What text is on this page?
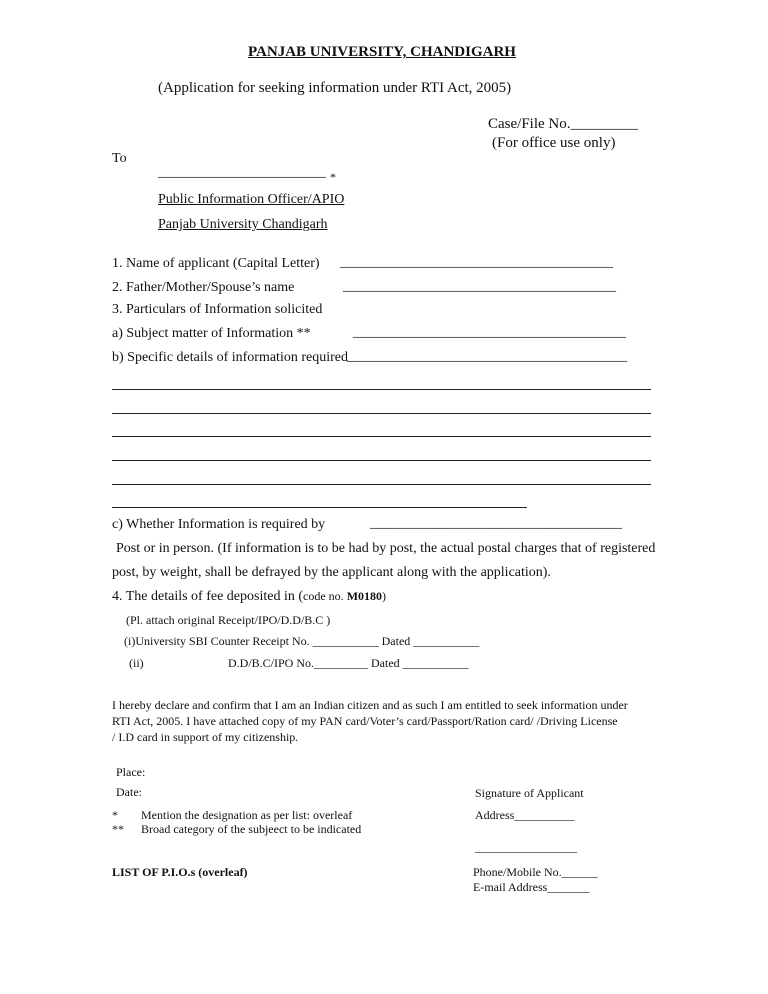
PANJAB UNIVERSITY, CHANDIGARH
(Application for seeking information under RTI Act, 2005)
Case/File No._________
(For office use only)
To
________________________ *
Public Information Officer/APIO
Panjab University Chandigarh
1. Name of applicant (Capital Letter) _______________________________________
2. Father/Mother/Spouse’s name	_______________________________________
3. Particulars of Information solicited
a) Subject matter of Information **	_______________________________________
b) Specific details of information required ________________________________________
c) Whether Information is required by	____________________________________
Post or in person. (If information is to be had by post, the actual postal charges that of registered
post, by weight, shall be defrayed by the applicant along with the application).
4. The details of fee deposited in (code no. M0180)
(Pl. attach original Receipt/IPO/D.D/B.C )
(i)University SBI Counter Receipt No. ___________ Dated ___________
(ii)	D.D/B.C/IPO No._________ Dated ___________
I hereby declare and confirm that I am an Indian citizen and as such I am entitled to seek information under
RTI Act, 2005. I have attached copy of my PAN card/Voter’s card/Passport/Ration card/ /Driving License
/ I.D card in support of my citizenship.
Place:
Date:	Signature of Applicant
* Mention the designation as per list: overleaf	Address__________
** Broad category of the subjeect to be indicated
_________________
LIST OF P.I.O.s (overleaf)	Phone/Mobile No.______
E-mail Address_______
